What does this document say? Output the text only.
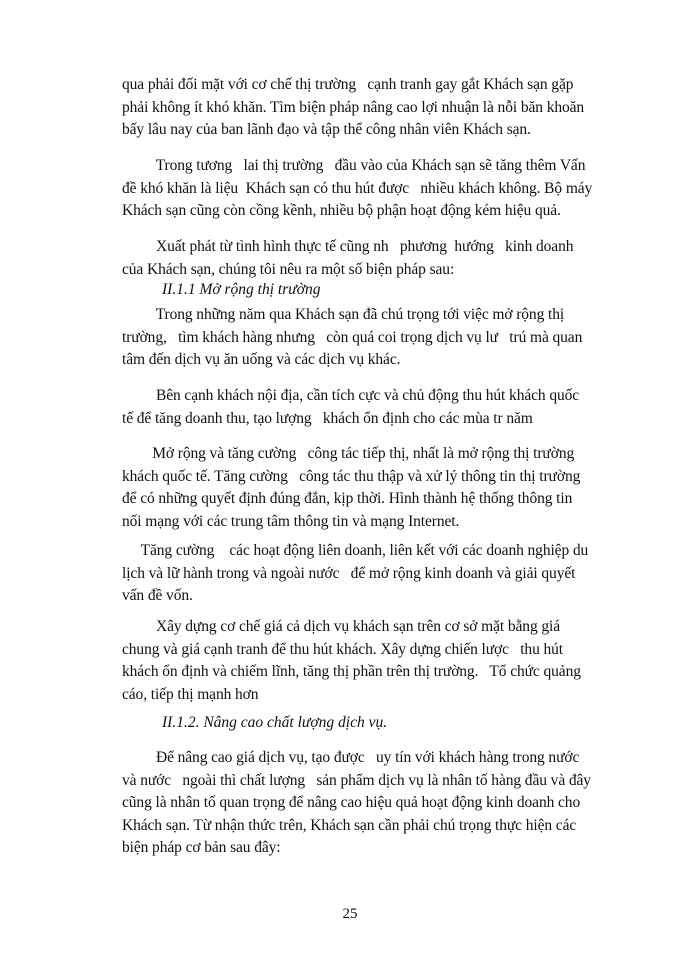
qua phải đối mặt với cơ chế thị trường   cạnh tranh gay gắt Khách sạn gặp
phải không ít khó khăn. Tìm biện pháp nâng cao lợi nhuận là nỗi băn khoăn
bấy lâu nay của ban lãnh đạo và tập thể công nhân viên Khách sạn.
Trong tương   lai thị trường   đầu vào của Khách sạn sẽ tăng thêm Vấn
đề khó khăn là liệu  Khách sạn có thu hút được   nhiều khách không. Bộ máy
Khách sạn cũng còn cồng kềnh, nhiều bộ phận hoạt động kém hiệu quả.
Xuất phát từ tình hình thực tế cũng nh   phương  hướng   kinh doanh
của Khách sạn, chúng tôi nêu ra một số biện pháp sau:

II.1.1 Mở rộng thị trường

Trong những năm qua Khách sạn đã chú trọng tới việc mở rộng thị
trường,   tìm khách hàng nhưng   còn quá coi trọng dịch vụ lư   trú mà quan
tâm đến dịch vụ ăn uống và các dịch vụ khác.
Bên cạnh khách nội địa, cần tích cực và chủ động thu hút khách quốc
tế để tăng doanh thu, tạo lượng   khách ổn định cho các mùa tr năm
Mở rộng và tăng cường   công tác tiếp thị, nhất là mở rộng thị trường
khách quốc tế. Tăng cường   công tác thu thập và xử lý thông tin thị trường
để có những quyết định đúng đắn, kịp thời. Hình thành hệ thống thông tin
nối mạng với các trung tâm thông tin và mạng Internet.
Tăng cường    các hoạt động liên doanh, liên kết với các doanh nghiệp du
lịch và lữ hành trong và ngoài nước   để mở rộng kinh doanh và giải quyết
vấn đề vốn.
Xây dựng cơ chế giá cả dịch vụ khách sạn trên cơ sở mặt bằng giá
chung và giá cạnh tranh để thu hút khách. Xây dựng chiến lược   thu hút
khách ổn định và chiếm lĩnh, tăng thị phần trên thị trường.   Tổ chức quảng
cáo, tiếp thị mạnh hơn

II.1.2. Nâng cao chất lượng dịch vụ.

Để nâng cao giá dịch vụ, tạo được   uy tín với khách hàng trong nước
và nước   ngoài thì chất lượng   sản phẩm dịch vụ là nhân tố hàng đầu và đây
cũng là nhân tố quan trọng để nâng cao hiệu quả hoạt động kinh doanh cho
Khách sạn. Từ nhận thức trên, Khách sạn cần phải chú trọng thực hiện các
biện pháp cơ bản sau đây:
25
